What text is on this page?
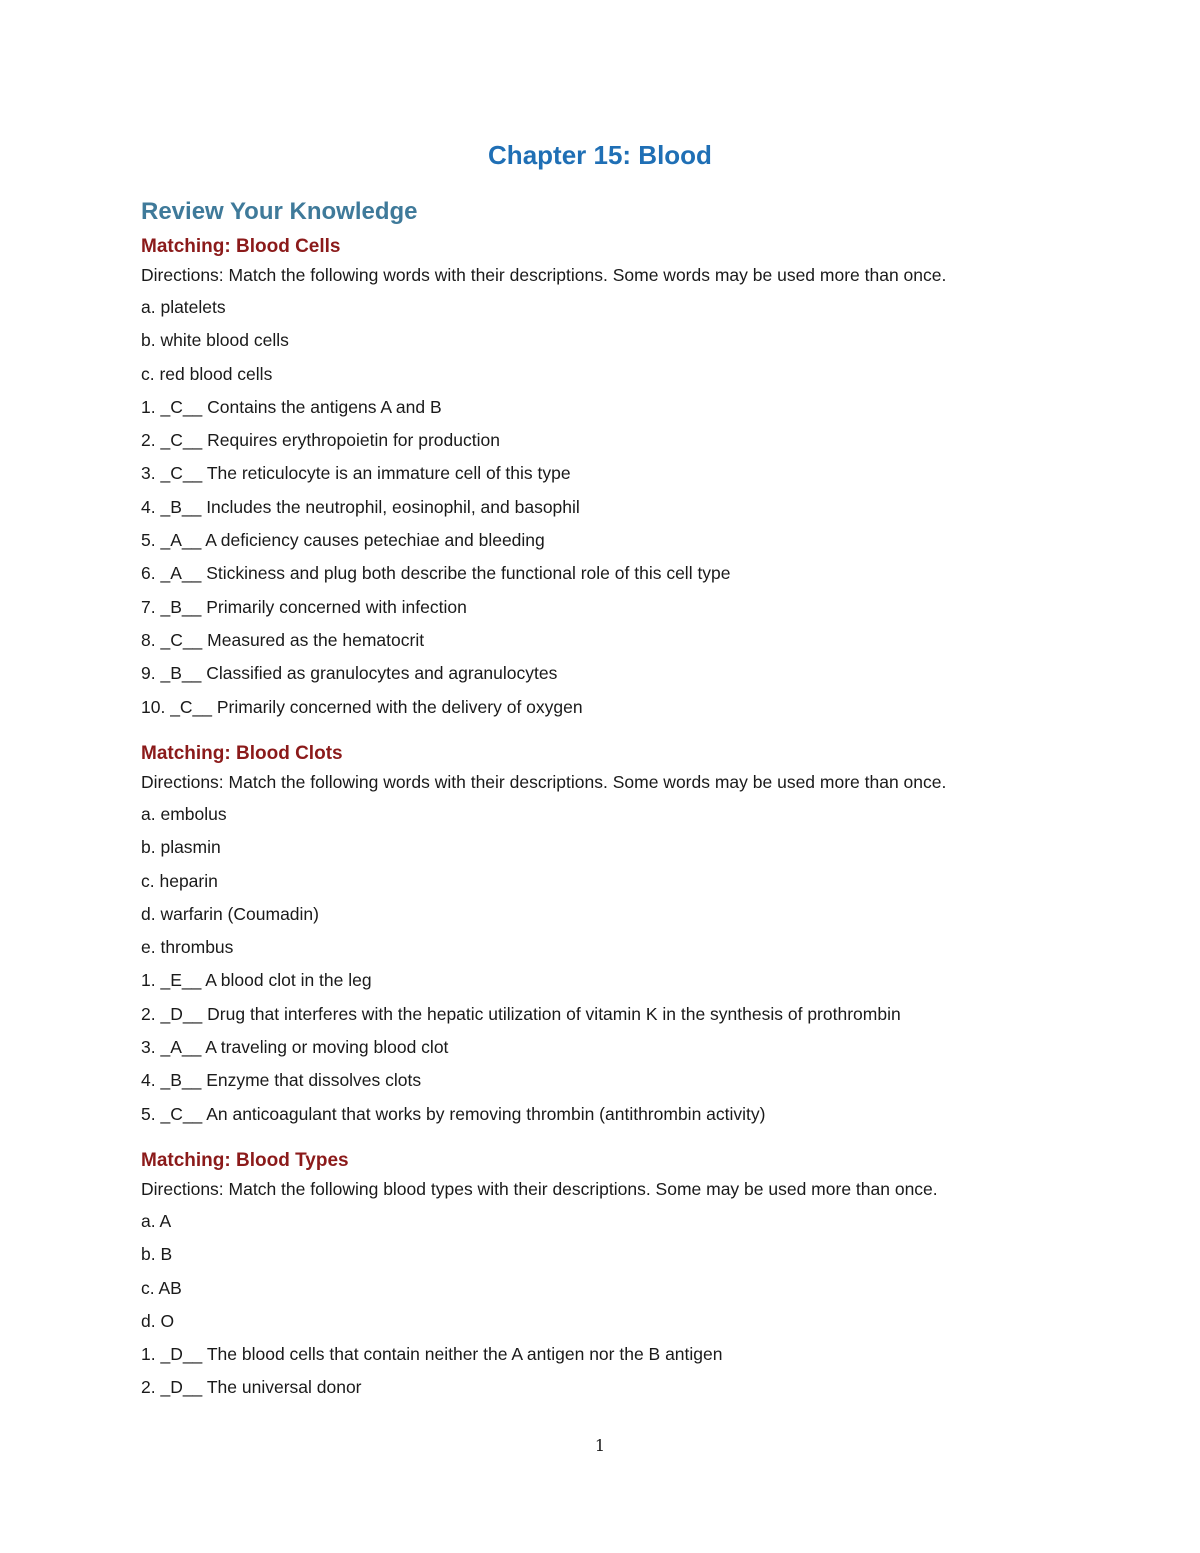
Chapter 15: Blood
Review Your Knowledge
Matching: Blood Cells

Directions: Match the following words with their descriptions. Some words may be used more than once.

a. platelets

b. white blood cells

c. red blood cells

1. _C__ Contains the antigens A and B

2. _C__ Requires erythropoietin for production

3. _C__ The reticulocyte is an immature cell of this type

4. _B__ Includes the neutrophil, eosinophil, and basophil

5. _A__ A deficiency causes petechiae and bleeding

6. _A__ Stickiness and plug both describe the functional role of this cell type

7. _B__ Primarily concerned with infection

8. _C__ Measured as the hematocrit

9. _B__ Classified as granulocytes and agranulocytes

10. _C__ Primarily concerned with the delivery of oxygen

Matching: Blood Clots

Directions: Match the following words with their descriptions. Some words may be used more than once.

a. embolus

b. plasmin

c. heparin

d. warfarin (Coumadin)

e. thrombus

1. _E__ A blood clot in the leg

2. _D__ Drug that interferes with the hepatic utilization of vitamin K in the synthesis of prothrombin

3. _A__ A traveling or moving blood clot

4. _B__ Enzyme that dissolves clots

5. _C__ An anticoagulant that works by removing thrombin (antithrombin activity)

Matching: Blood Types

Directions: Match the following blood types with their descriptions. Some may be used more than once.

a. A

b. B

c. AB

d. O

1. _D__ The blood cells that contain neither the A antigen nor the B antigen

2. _D__ The universal donor

1
